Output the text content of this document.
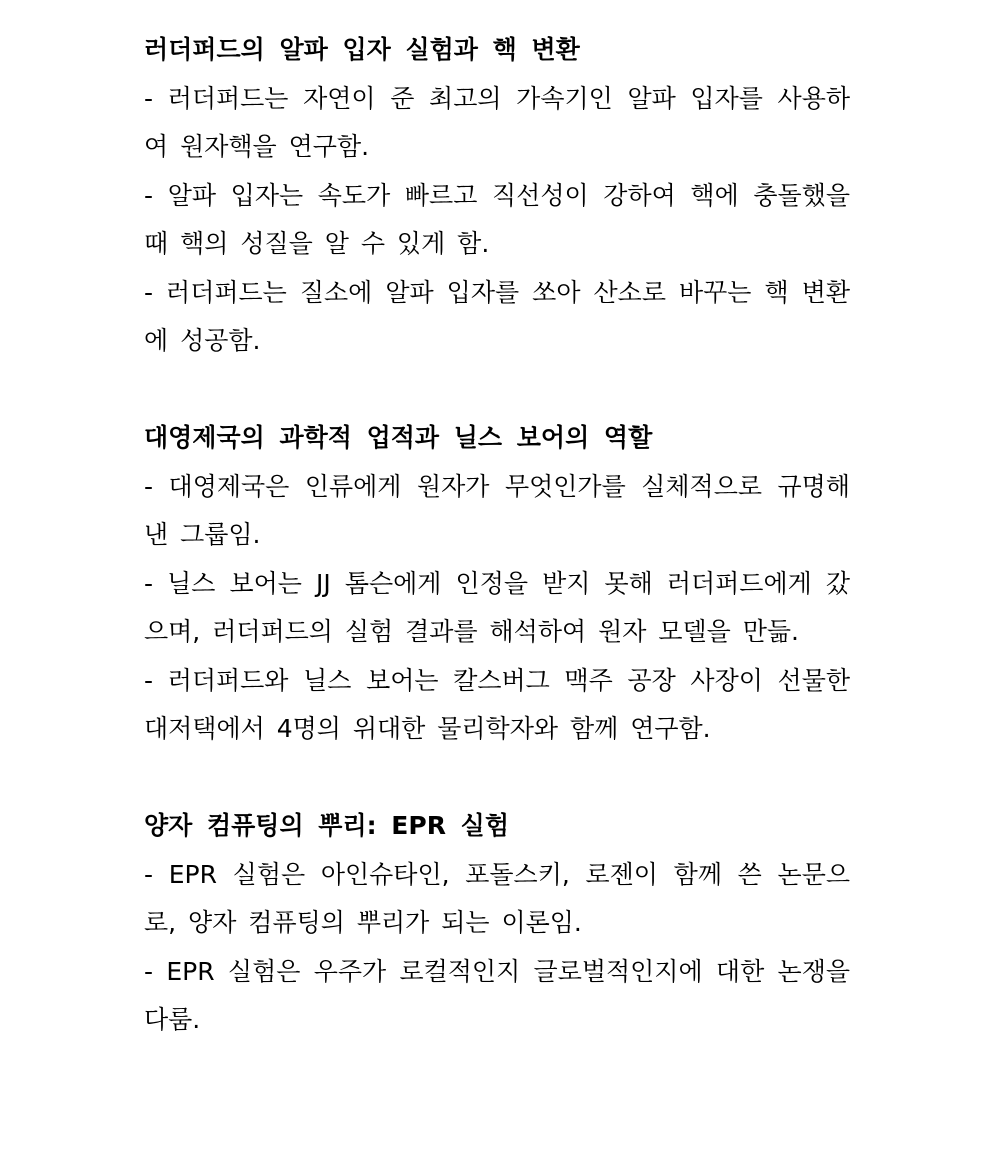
러더퍼드의 알파 입자 실험과 핵 변환

- 러더퍼드는 자연이 준 최고의 가속기인 알파 입자를 사용하여 원자핵을 연구함.

- 알파 입자는 속도가 빠르고 직선성이 강하여 핵에 충돌했을 때 핵의 성질을 알 수 있게 함.

- 러더퍼드는 질소에 알파 입자를 쏘아 산소로 바꾸는 핵 변환에 성공함.

대영제국의 과학적 업적과 닐스 보어의 역할

- 대영제국은 인류에게 원자가 무엇인가를 실체적으로 규명해낸 그룹임.

- 닐스 보어는 JJ 톰슨에게 인정을 받지 못해 러더퍼드에게 갔으며, 러더퍼드의 실험 결과를 해석하여 원자 모델을 만듦.

- 러더퍼드와 닐스 보어는 칼스버그 맥주 공장 사장이 선물한 대저택에서 4명의 위대한 물리학자와 함께 연구함.

양자 컴퓨팅의 뿌리: EPR 실험

- EPR 실험은 아인슈타인, 포돌스키, 로젠이 함께 쓴 논문으로, 양자 컴퓨팅의 뿌리가 되는 이론임.

- EPR 실험은 우주가 로컬적인지 글로벌적인지에 대한 논쟁을 다룸.
